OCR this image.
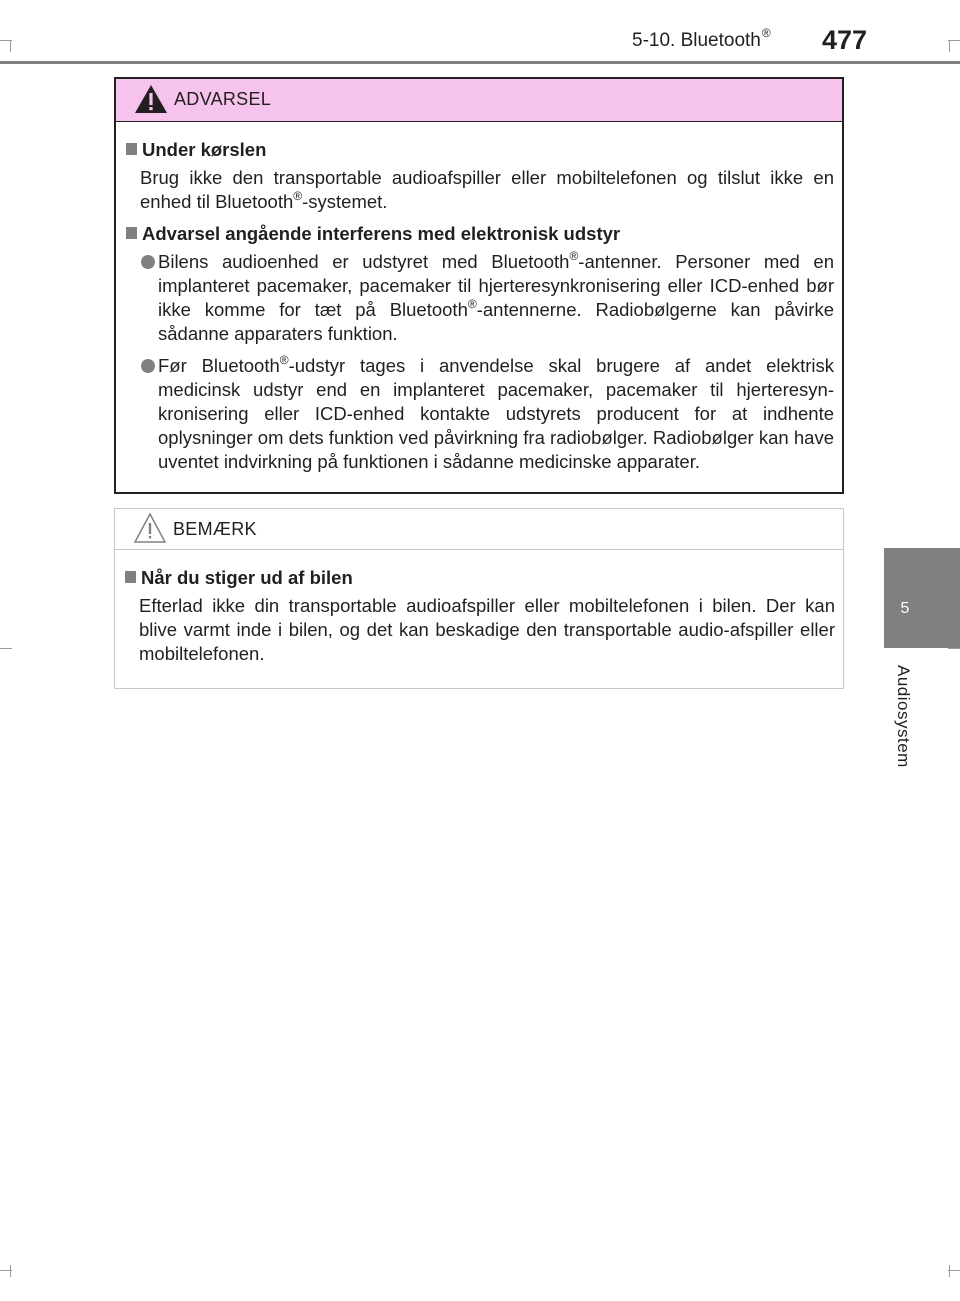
5-10. Bluetooth® 477
5
Audiosystem
ADVARSEL
Under kørslen
Brug ikke den transportable audioafspiller eller mobiltelefonen og tilslut ikke en enhed til Bluetooth®-systemet.
Advarsel angående interferens med elektronisk udstyr
Bilens audioenhed er udstyret med Bluetooth®-antenner. Personer med en implanteret pacemaker, pacemaker til hjerteresynkronisering eller ICD-enhed bør ikke komme for tæt på Bluetooth®-antennerne. Radiobølgerne kan påvirke sådanne apparaters funktion.
Før Bluetooth®-udstyr tages i anvendelse skal brugere af andet elektrisk medicinsk udstyr end en implanteret pacemaker, pacemaker til hjerteresyn-kronisering eller ICD-enhed kontakte udstyrets producent for at indhente oplysninger om dets funktion ved påvirkning fra radiobølger. Radiobølger kan have uventet indvirkning på funktionen i sådanne medicinske apparater.
BEMÆRK
Når du stiger ud af bilen
Efterlad ikke din transportable audioafspiller eller mobiltelefonen i bilen. Der kan blive varmt inde i bilen, og det kan beskadige den transportable audio-afspiller eller mobiltelefonen.
